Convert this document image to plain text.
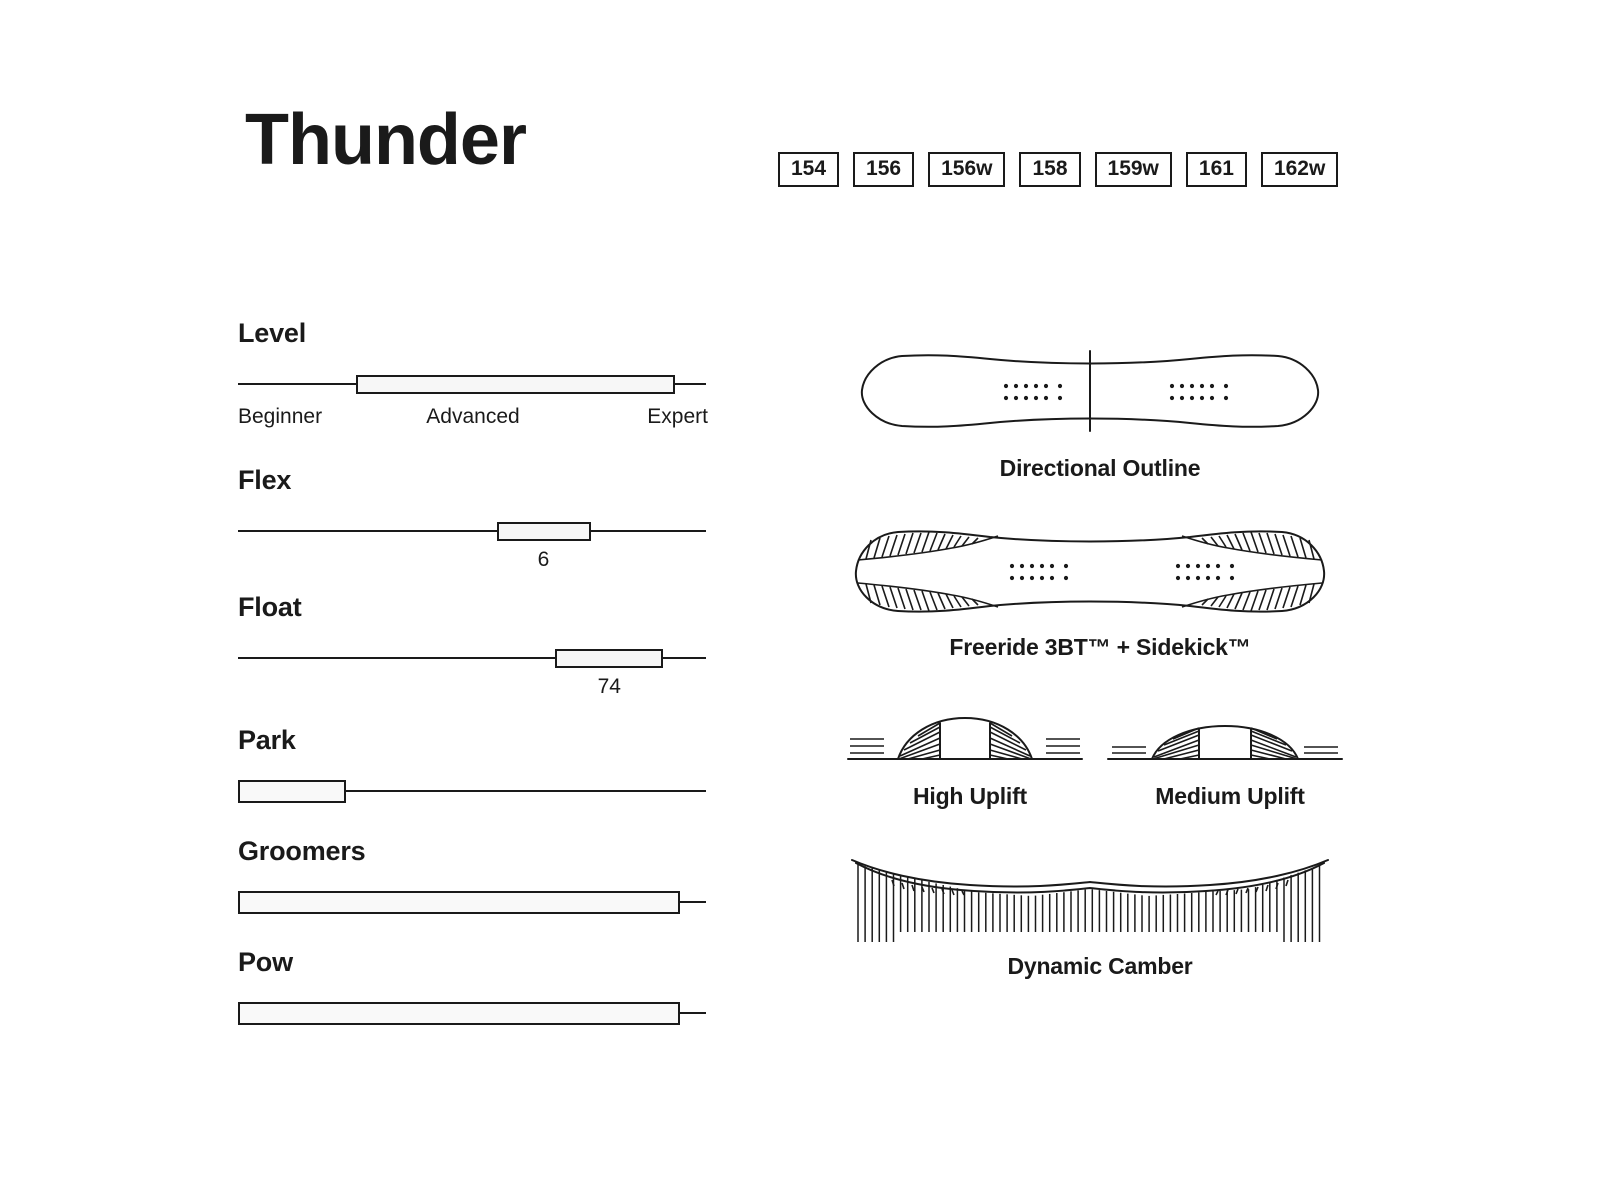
Thunder	154	156	156w	158	159w	161	162w
Level
Beginner	Advanced	Expert
Flex
6
Float
74
Park
Groomers
Pow
Directional Outline
Freeride 3BT™ + Sidekick™
High Uplift	Medium Uplift
Dynamic Camber
